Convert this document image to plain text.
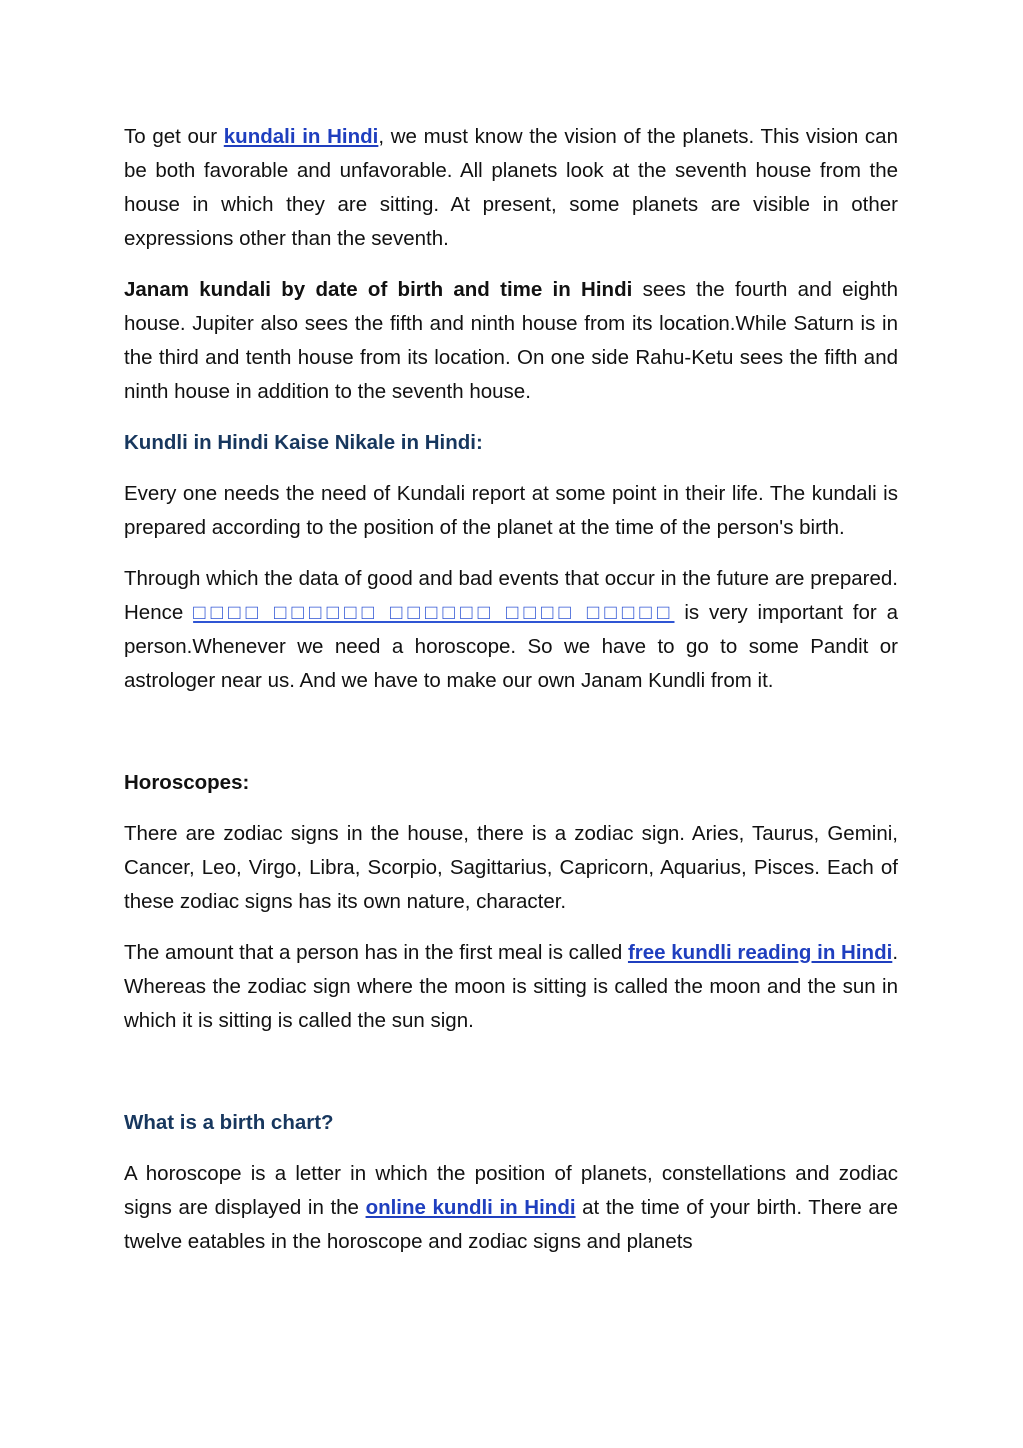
To get our kundali in Hindi, we must know the vision of the planets. This vision can be both favorable and unfavorable. All planets look at the seventh house from the house in which they are sitting. At present, some planets are visible in other expressions other than the seventh.

Janam kundali by date of birth and time in Hindi sees the fourth and eighth house. Jupiter also sees the fifth and ninth house from its location.While Saturn is in the third and tenth house from its location. On one side Rahu-Ketu sees the fifth and ninth house in addition to the seventh house.

Kundli in Hindi Kaise Nikale in Hindi:

Every one needs the need of Kundali report at some point in their life. The kundali is prepared according to the position of the planet at the time of the person's birth.

Through which the data of good and bad events that occur in the future are prepared. Hence □□□□ □□□□□□ □□□□□□ □□□□ □□□□□ is very important for a person.Whenever we need a horoscope. So we have to go to some Pandit or astrologer near us. And we have to make our own Janam Kundli from it.

Horoscopes:

There are zodiac signs in the house, there is a zodiac sign. Aries, Taurus, Gemini, Cancer, Leo, Virgo, Libra, Scorpio, Sagittarius, Capricorn, Aquarius, Pisces. Each of these zodiac signs has its own nature, character.

The amount that a person has in the first meal is called free kundli reading in Hindi. Whereas the zodiac sign where the moon is sitting is called the moon and the sun in which it is sitting is called the sun sign.

What is a birth chart?

A horoscope is a letter in which the position of planets, constellations and zodiac signs are displayed in the online kundli in Hindi at the time of your birth. There are twelve eatables in the horoscope and zodiac signs and planets
